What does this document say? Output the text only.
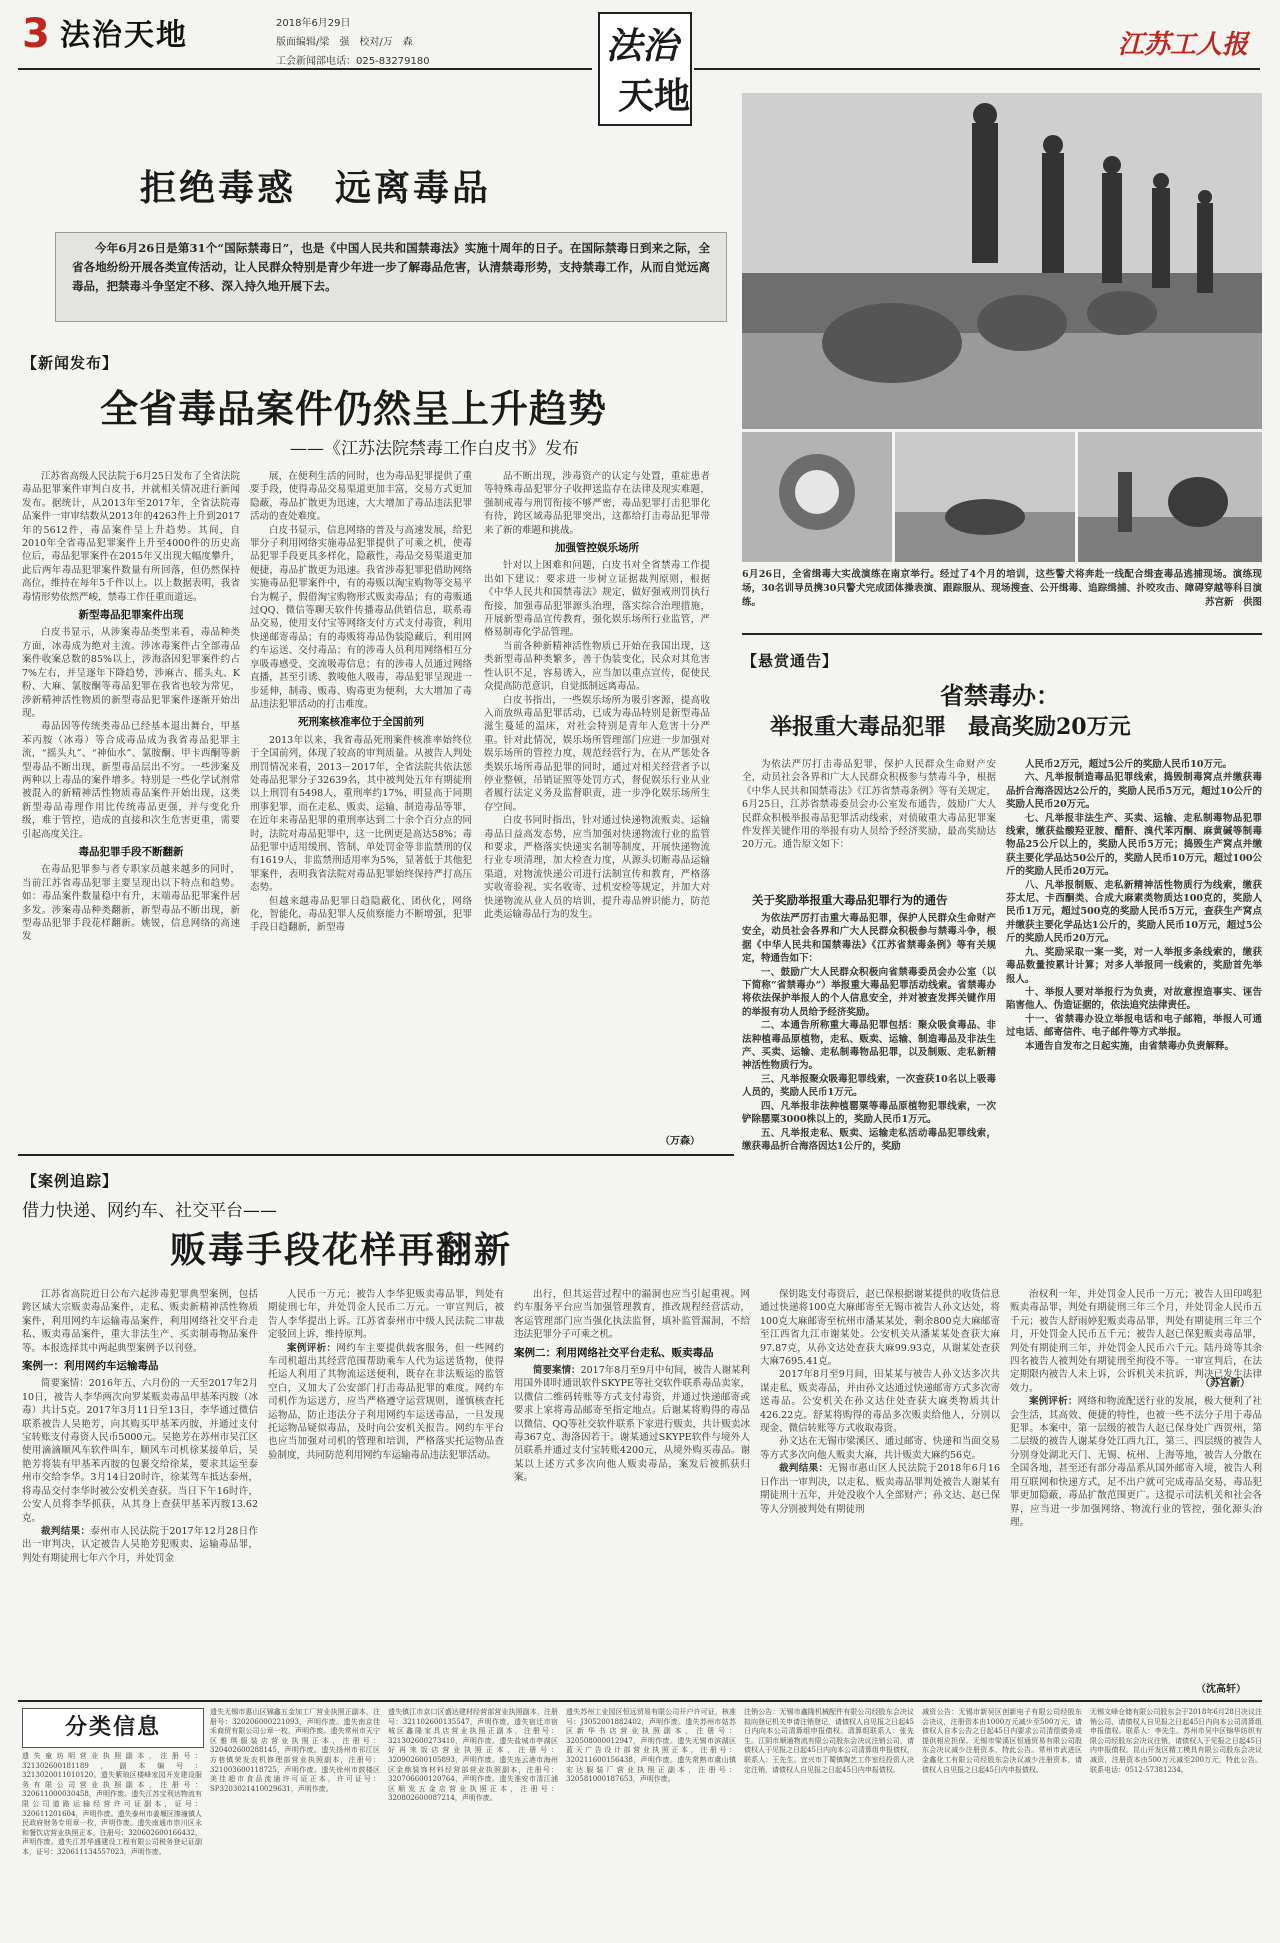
3 法治天地	2018年6月29日
版面编辑/梁　强　校对/万　森
工会新闻部电话：025-83279180	法治
天地
江苏工人报
拒绝毒惑　远离毒品
今年6月26日是第31个“国际禁毒日”，也是《中国人民共和国禁毒法》实施十周年的日子。在国际禁毒日到来之际，全省各地纷纷开展各类宣传活动，让人民群众特别是青少年进一步了解毒品危害，认清禁毒形势，支持禁毒工作，从而自觉远离毒品，把禁毒斗争坚定不移、深入持久地开展下去。
6月26日，全省缉毒大实战演练在南京举行。经过了4个月的培训，这些警犬将奔赴一线配合缉查毒品逃捕现场。演练现场，30名训导员携30只警犬完成团体操表演、跟踪服从、现场搜查、公开缉毒、追踪缉捕、扑咬攻击、障碍穿越等科目演练。	苏宫新　供图
【新闻发布】
全省毒品案件仍然呈上升趋势
——《江苏法院禁毒工作白皮书》发布

江苏省高级人民法院于6月25日发布了全省法院毒品犯罪案件审判白皮书，并就相关情况进行新闻发布。据统计，从2013年至2017年，全省法院毒品案件一审审结数从2013年的4263件上升到2017年的5612件，毒品案件呈上升趋势。其间，自2010年全省毒品犯罪案件上升至4000件的历史高位后，毒品犯罪案件在2015年又出现大幅度攀升，此后两年毒品犯罪案件数量有所回落，但仍然保持高位，维持在每年5千件以上。以上数据表明，我省毒情形势依然严峻，禁毒工作任重而道远。

新型毒品犯罪案件出现

白皮书显示，从涉案毒品类型来看，毒品种类方面，冰毒成为绝对主流。涉冰毒案件占全部毒品案件收案总数的85%以上，涉海洛因犯罪案件约占7%左右，并呈逐年下降趋势，涉麻古、摇头丸、K粉、大麻、氯胺酮等毒品犯罪在我省也较为常见，涉新精神活性物质的新型毒品犯罪案件逐渐开始出现。

毒品因等传统类毒品已经基本退出舞台，甲基苯丙胺（冰毒）等合成毒品成为我省毒品犯罪主流，“摇头丸”、“神仙水”、氯胺酮、甲卡西酮等新型毒品不断出现，新型毒品层出不穷。一些涉案及两种以上毒品的案件增多。特别是一些化学试剂常被混入的新精神活性物质毒品案件开始出现，这类新型毒品毒理作用比传统毒品更强，并与变化升级，难于管控，造成的直接和次生危害更重，需要引起高度关注。

毒品犯罪手段不断翻新

在毒品犯罪参与者专职家员越来越多的同时，当前江苏省毒品犯罪主要呈现出以下特点和趋势。如：毒品案件数量稳中有升，末端毒品犯罪案件居多发。涉案毒品种类翻新，新型毒品不断出现，新型毒品犯罪手段花样翻新。姚锐，信息网络的高速发

展，在便利生活的同时，也为毒品犯罪提供了重要手段，使得毒品交易渠道更加丰富，交易方式更加隐蔽，毒品扩散更为迅速，大大增加了毒品违法犯罪活动的查处难度。

白皮书显示，信息网络的普及与高速发展，给犯罪分子利用网络实施毒品犯罪提供了可乘之机，使毒品犯罪手段更具多样化，隐蔽性，毒品交易渠道更加便捷，毒品扩散更为迅速。我省涉毒犯罪犯借助网络实施毒品犯罪案件中，有的毒贩以淘宝购物等交易平台为幌子，假借淘宝购物形式贩卖毒品；有的毒贩通过QQ、微信等聊天软件传播毒品供销信息，联系毒品交易，使用支付宝等网络支付方式支付毒资，利用快递邮寄毒品；有的毒贩将毒品伪装隐藏后，利用网约车运送、交付毒品；有的涉毒人员利用网络相互分享吸毒感受、交流吸毒信息；有的涉毒人员通过网络直播，甚至引诱、教唆他人吸毒，毒品犯罪呈现进一步延伸，制毒、贩毒、购毒更为便利，大大增加了毒品违法犯罪活动的打击难度。

死刑案核准率位于全国前列

2013年以来，我省毒品死刑案件核准率始终位于全国前列，体现了较高的审判质量。从被告人判处刑罚情况来看，2013－2017年，全省法院共依法惩处毒品犯罪分子32639名，其中被判处五年有期徒刑以上刑罚有5498人，重刑率约17%，明显高于同期刑事犯罪，而在走私、贩卖、运输、制造毒品等罪，在近年来毒品犯罪的重刑率达到二十余个百分点的同时，法院对毒品犯罪中，这一比例更是高达58%；毒品犯罪中适用缓刑、管制、单处罚金等非监禁刑的仅有1619人，非监禁刑适用率为5%，显著低于其他犯罪案件，表明我省法院对毒品犯罪始终保持严打高压态势。

但越来越毒品犯罪日趋隐蔽化、团伙化，网络化，智能化，毒品犯罪人反侦察能力不断增强，犯罪手段日趋翻新，新型毒

品不断出现，涉毒资产的认定与处置，重症患者等特殊毒品犯罪分子收押送监存在法律及现实难题，强制戒毒与刑罚衔接不够严密，毒品犯罪打击犯罪化有待，跨区域毒品犯罪突出，这都给打击毒品犯罪带来了新的难题和挑战。

加强管控娱乐场所

针对以上困难和问题，白皮书对全省禁毒工作提出如下建议：要求进一步树立证据裁判原则，根据《中华人民共和国禁毒法》规定，做好强戒刑罚执行衔接，加强毒品犯罪源头治理，落实综合治理措施，开展新型毒品宣传教育，强化娱乐场所行业监管，严格易制毒化学品管理。

当前各种新精神活性物质已开始在我国出现，这类新型毒品种类繁多，善于伪装变化，民众对其危害性认识不足，容易诱入，应当加以重点宣传，促使民众提高防范意识，自觉抵制远离毒品。

白皮书指出，一些娱乐场所为吸引客源，提高收入而放纵毒品犯罪活动，已成为毒品特别是新型毒品滋生蔓延的温床，对社会特别是青年人危害十分严重。针对此情况，娱乐场所管理部门应进一步加强对娱乐场所的管控力度，规范经营行为，在从严惩处各类娱乐场所毒品犯罪的同时，通过对相关经营者予以停业整顿，吊销证照等处罚方式，督促娱乐行业从业者履行法定义务及监督职责，进一步净化娱乐场所生存空间。

白皮书同时指出，针对通过快递物流贩卖、运输毒品日益高发态势，应当加强对快递物流行业的监管和要求，严格落实快递实名制等制度，开展快递物流行业专项清理，加大检查力度，从源头切断毒品运输渠道，对物流快递公司进行法制宣传和教育，严格落实收寄验视、实名收寄、过机安检等规定，并加大对快递物流从业人员的培训，提升毒品辨识能力，防范此类运输毒品行为的发生。

（万森）
【悬赏通告】
省禁毒办：
举报重大毒品犯罪　最高奖励20万元

为依法严厉打击毒品犯罪，保护人民群众生命财产安全，动员社会各界和广大人民群众积极参与禁毒斗争，根据《中华人民共和国禁毒法》《江苏省禁毒条例》等有关规定，6月25日，江苏省禁毒委员会办公室发布通告，鼓励广大人民群众积极举报毒品犯罪活动线索，对侦破重大毒品犯罪案件发挥关键作用的举报有功人员给予经济奖励，最高奖励达20万元。通告原文如下：

关于奖励举报重大毒品犯罪行为的通告

为依法严厉打击重大毒品犯罪，保护人民群众生命财产安全，动员社会各界和广大人民群众积极参与禁毒斗争，根据《中华人民共和国禁毒法》《江苏省禁毒条例》等有关规定，特通告如下：

一、鼓励广大人民群众积极向省禁毒委员会办公室（以下简称“省禁毒办”）举报重大毒品犯罪活动线索。省禁毒办将依法保护举报人的个人信息安全，并对被查发挥关键作用的举报有功人员给予经济奖励。

二、本通告所称重大毒品犯罪包括：聚众吸食毒品、非法种植毒品原植物，走私、贩卖、运输、制造毒品及非法生产、买卖、运输、走私制毒物品犯罪，以及制贩、走私新精神活性物质行为。

三、凡举报聚众吸毒犯罪线索，一次查获10名以上吸毒人员的，奖励人民币1万元。

四、凡举报非法种植罂粟等毒品原植物犯罪线索，一次铲除罂粟3000株以上的，奖励人民币1万元。

五、凡举报走私、贩卖、运输走私活动毒品犯罪线索，缴获毒品折合海洛因达1公斤的，奖励

人民币2万元，超过5公斤的奖励人民币10万元。

六、凡举报制造毒品犯罪线索，捣毁制毒窝点并缴获毒品折合海洛因达2公斤的，奖励人民币5万元，超过10公斤的奖励人民币20万元。

七、凡举报非法生产、买卖、运输、走私制毒物品犯罪线索，缴获盐酸羟亚胺、醋酐、溴代苯丙酮、麻黄碱等制毒物品25公斤以上的，奖励人民币5万元；捣毁生产窝点并缴获主要化学品达50公斤的，奖励人民币10万元，超过100公斤的奖励人民币20万元。

八、凡举报制贩、走私新精神活性物质行为线索，缴获芬太尼、卡西酮类、合成大麻素类物质达100克的，奖励人民币1万元，超过500克的奖励人民币5万元，查获生产窝点并缴获主要化学品达1公斤的，奖励人民币10万元，超过5公斤的奖励人民币20万元。

九、奖励采取一案一奖，对一人举报多条线索的，缴获毒品数量按累计计算；对多人举报同一线索的，奖励首先举报人。

十、举报人要对举报行为负责，对故意捏造事实、诬告陷害他人、伪造证据的，依法追究法律责任。

十一、省禁毒办设立举报电话和电子邮箱，举报人可通过电话、邮寄信件、电子邮件等方式举报。

本通告自发布之日起实施，由省禁毒办负责解释。

（苏宫新）
【案例追踪】
借力快递、网约车、社交平台——
贩毒手段花样再翻新

江苏省高院近日公布六起涉毒犯罪典型案例，包括跨区域大宗贩卖毒品案件，走私、贩卖新精神活性物质案件，利用网约车运输毒品案件，利用网络社交平台走私、贩卖毒品案件，重大非法生产、买卖制毒物品案件等。本报选择其中两起典型案例予以刊登。

案例一：利用网约车运输毒品

简要案情：2016年五、六月份的一天至2017年2月10日，被告人李华两次向罗某贩卖毒品甲基苯丙胺（冰毒）共计5克。2017年3月11日至13日，李华通过微信联系被告人吴艳芳，向其购买甲基苯丙胺，并通过支付宝转账支付毒资人民币5000元。吴艳芳在苏州市吴江区使用滴滴顺风车软件叫车，顺风车司机徐某接单后，吴艳芳将装有甲基苯丙胺的包裹交给徐某，要求其运至泰州市交给李华。3月14日20时许，徐某驾车抵达泰州，将毒品交付李华时被公安机关查获。当日下午16时许，公安人员将李华抓获，从其身上查获甲基苯丙胺13.62克。

裁判结果：泰州市人民法院于2017年12月28日作出一审判决，认定被告人吴艳芳犯贩卖、运输毒品罪，判处有期徒刑七年六个月，并处罚金

人民币一万元；被告人李华犯贩卖毒品罪，判处有期徒刑七年，并处罚金人民币二万元。一审宣判后，被告人李华提出上诉。江苏省泰州市中级人民法院二审裁定驳回上诉，维持原判。

案例评析：网约车主要提供载客服务，但一些网约车司机超出其经营范围帮助乘车人代为运送货物，使得托运人利用了其物流运送便利，既存在非法贩运的监管空白，又加大了公安部门打击毒品犯罪的难度。网约车司机作为运送方，应当严格遵守运营规则，谨慎核查托运物品，防止违法分子利用网约车运送毒品，一旦发现托运物品疑似毒品，及时向公安机关报告。网约车平台也应当加强对司机的管理和培训，严格落实托运物品查验制度，共同防范利用网约车运输毒品违法犯罪活动。

出行，但其运营过程中的漏洞也应当引起重视。网约车服务平台应当加强管理教育，推改规程经营活动，客运管理部门应当强化执法监督，填补监管漏洞，不给违法犯罪分子可乘之机。

案例二：利用网络社交平台走私、贩卖毒品

简要案情：2017年8月至9月中旬间，被告人谢某利用国外即时通讯软件SKYPE等社交软件联系毒品卖家，以微信二维码转账等方式支付毒资，并通过快递邮寄或要求上家将毒品邮寄至指定地点。后谢某将购得的毒品以微信、QQ等社交软件联系下家进行贩卖，共计贩卖冰毒367克、海洛因若干。谢某通过SKYPE软件与境外人员联系并通过支付宝转账4200元，从境外购买毒品。谢某以上述方式多次向他人贩卖毒品，案发后被抓获归案。

保钥匙支付毒资后，赵已保根据谢某提供的收货信息通过快递将100克大麻邮寄至无锡市被告人孙文达处，将100克大麻邮寄至杭州市潘某某处，剩余800克大麻邮寄至江西省九江市谢某处。公安机关从潘某某处查获大麻97.87克，从孙文达处查获大麻99.93克，从谢某处查获大麻7695.41克。

2017年8月至9月间，田某某与被告人孙文达多次共谋走私、贩卖毒品，并由孙文达通过快递邮寄方式多次寄送毒品。公安机关在孙文达住处查获大麻类物质共计426.22克。舒某将购得的毒品多次贩卖给他人，分别以现金、微信转账等方式收取毒资。

孙文达在无锡市梁溪区、通过邮寄、快递和当面交易等方式多次向他人贩卖大麻，共计贩卖大麻约56克。

裁判结果：无锡市惠山区人民法院于2018年6月16日作出一审判决，以走私、贩卖毒品罪判处被告人谢某有期徒刑十五年，并处没收个人全部财产；孙文达、赵已保等人分别被判处有期徒刑

治权利一年，并处罚金人民币一万元；被告人田印鸣犯贩卖毒品罪，判处有期徒刑三年三个月，并处罚金人民币五千元；被告人舒雨婷犯贩卖毒品罪，判处有期徒刑三年三个月，开处罚金人民币五千元；被告人赵已保犯贩卖毒品罪，判处有期徒刑三年，并处罚金人民币六千元。陆丹琦等其余四名被告人被判处有期徒刑至拘役不等。一审宣判后，在法定期限内被告人未上诉，公诉机关未抗诉，判决已发生法律效力。

案例评析：网络和物流配送行业的发展，极大便利了社会生活，其高效、便捷的特性，也被一些不法分子用于毒品犯罪。本案中，第一层级的被告人赵已保身处广西贺州，第二层级的被告人谢某身处江西九江，第三、四层级的被告人分别身处湖北天门、无锡、杭州、上海等地，被告人分散在全国各地，甚至还有部分毒品系从国外邮寄入境，被告人利用互联网和快递方式，足不出户就可完成毒品交易，毒品犯罪更加隐蔽，毒品扩散范围更广。这提示司法机关和社会各界，应当进一步加强网络、物流行业的管控，强化源头治理。

（沈高轩）
分类信息
遗失童坊明营业执照副本，注册号：321302600181189，副本编号：3213020011010120。遗失紫琅区楼峰家园开发建设服务有限公司营业执照副本，注册号：320611000030458，声明作废。遗失江苏宝利达物流有限公司道路运输经营许可证副本，证号：320611201604，声明作废。遗失泰州市姜堰区溱潼镇人民政府财务专用章一枚，声明作废。遗失南通市崇川区永和餐饮店营业执照正本，注册号：320602600166432，声明作废。遗失江苏华盛建设工程有限公司税务登记证副本，证号：320611134557023，声明作废。
遗失无锡市惠山区锦鑫五金加工厂营业执照正副本，注册号：320206000221093，声明作废。遗失南京佳禾商贸有限公司公章一枚，声明作废。遗失常州市天宁区雅琪服装店营业执照正本，注册号：320402600288145，声明作废。遗失扬州市邗江区方巷镇荣发农机修理部营业执照副本，注册号：321003600118725，声明作废。遗失徐州市鼓楼区美佳超市食品流通许可证正本，许可证号：SP3203021410029631，声明作废。
遗失镇江市京口区盛达建材经营部营业执照副本，注册号：321102600135547，声明作废。遗失宿迁市宿城区鑫隆家具店营业执照正副本，注册号：321302600273410，声明作废。遗失盐城市亭湖区好再来饭店营业执照正本，注册号：320902600105893，声明作废。遗失连云港市海州区金鼎装饰材料经营部营业执照副本，注册号：320706600120764，声明作废。遗失淮安市清江浦区顺发五金店营业执照正本，注册号：320802600087214，声明作废。
遗失苏州工业园区恒远贸易有限公司开户许可证，核准号：J3052001882402，声明作废。遗失苏州市姑苏区新华书店营业执照副本，注册号：320508000012947，声明作废。遗失无锡市滨湖区蓝天广告设计部营业执照正本，注册号：320211600156438，声明作废。遗失常熟市虞山镇宏达服装厂营业执照正副本，注册号：320581000187653，声明作废。
注销公告：无锡市鑫隆机械配件有限公司经股东会决议拟向登记机关申请注销登记，请债权人自见报之日起45日内向本公司清算组申报债权。清算组联系人：张先生。江阴市顺通物流有限公司股东会决议注销公司，请债权人于见报之日起45日内向本公司清算组申报债权，联系人：王先生。宜兴市丁蜀镇陶艺工作室经投资人决定注销，请债权人自见报之日起45日内申报债权。
减资公告：无锡市新吴区创新电子有限公司经股东会决议，注册资本由1000万元减少至500万元，请债权人自本公告之日起45日内要求公司清偿债务或提供相应担保。无锡市梁溪区恒通贸易有限公司股东会决议减少注册资本，特此公告。常州市武进区金鑫化工有限公司经股东会决议减少注册资本，请债权人自见报之日起45日内申报债权。
无锡文峰仓储有限公司股东会于2018年6月28日决议注销公司，请债权人自见报之日起45日内向本公司清算组申报债权。联系人：李先生。苏州市吴中区锦华纺织有限公司经股东会决议注销，请债权人于见报之日起45日内申报债权。昆山开发区精工模具有限公司股东会决议减资，注册资本由500万元减至200万元，特此公告。联系电话：0512-57381234。
